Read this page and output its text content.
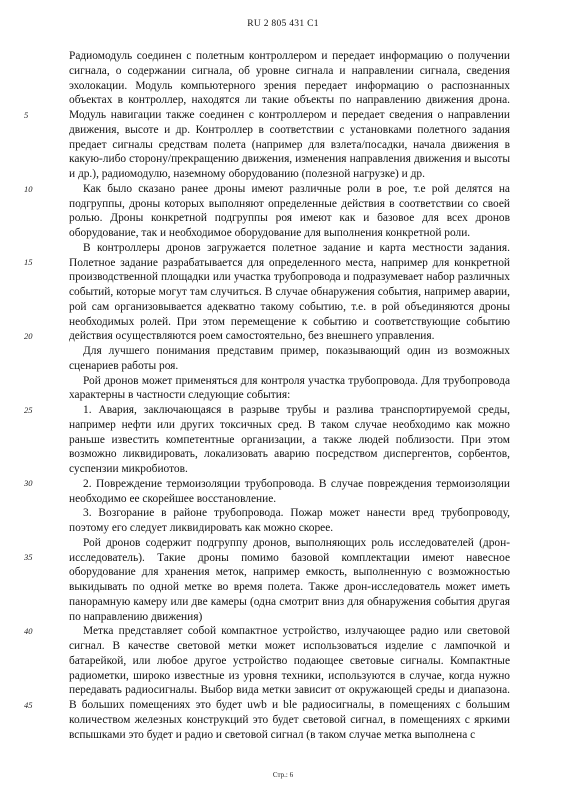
RU 2 805 431 C1

Радиомодуль соединен с полетным контроллером и передает информацию о получении сигнала, о содержании сигнала, об уровне сигнала и направлении сигнала, сведения эхолокации. Модуль компьютерного зрения передает информацию о распознанных объектах в контроллер, находятся ли такие объекты по направлению движения дрона. Модуль навигации также соединен с контроллером и передает сведения о направлении движения, высоте и др. Контроллер в соответствии с установками полетного задания предает сигналы средствам полета (например для взлета/посадки, начала движения в какую-либо сторону/прекращению движения, изменения направления движения и высоты и др.), радиомодулю, наземному оборудованию (полезной нагрузке) и др.

Как было сказано ранее дроны имеют различные роли в рое, т.е рой делятся на подгруппы, дроны которых выполняют определенные действия в соответствии со своей ролью. Дроны конкретной подгруппы роя имеют как и базовое для всех дронов оборудование, так и необходимое оборудование для выполнения конкретной роли.

В контроллеры дронов загружается полетное задание и карта местности задания. Полетное задание разрабатывается для определенного места, например для конкретной производственной площадки или участка трубопровода и подразумевает набор различных событий, которые могут там случиться. В случае обнаружения события, например аварии, рой сам организовывается адекватно такому событию, т.е. в рой объединяются дроны необходимых ролей. При этом перемещение к событию и соответствующие событию действия осуществляются роем самостоятельно, без внешнего управления.

Для лучшего понимания представим пример, показывающий один из возможных сценариев работы роя.

Рой дронов может применяться для контроля участка трубопровода. Для трубопровода характерны в частности следующие события:

1. Авария, заключающаяся в разрыве трубы и разлива транспортируемой среды, например нефти или других токсичных сред. В таком случае необходимо как можно раньше известить компетентные организации, а также людей поблизости. При этом возможно ликвидировать, локализовать аварию посредством диспергентов, сорбентов, суспензии микробиотов.

2. Повреждение термоизоляции трубопровода. В случае повреждения термоизоляции необходимо ее скорейшее восстановление.

3. Возгорание в районе трубопровода. Пожар может нанести вред трубопроводу, поэтому его следует ликвидировать как можно скорее.

Рой дронов содержит подгруппу дронов, выполняющих роль исследователей (дрон-исследователь). Такие дроны помимо базовой комплектации имеют навесное оборудование для хранения меток, например емкость, выполненную с возможностью выкидывать по одной метке во время полета. Также дрон-исследователь может иметь панорамную камеру или две камеры (одна смотрит вниз для обнаружения события другая по направлению движения)

Метка представляет собой компактное устройство, излучающее радио или световой сигнал. В качестве световой метки может использоваться изделие с лампочкой и батарейкой, или любое другое устройство подающее световые сигналы. Компактные радиометки, широко известные из уровня техники, используются в случае, когда нужно передавать радиосигналы. Выбор вида метки зависит от окружающей среды и диапазона. В больших помещениях это будет uwb и ble радиосигналы, в помещениях с большим количеством железных конструкций это будет световой сигнал, в помещениях с яркими вспышками это будет и радио и световой сигнал (в таком случае метка выполнена с

5
10
15
20
25
30
35
40
45
Стр.: 6
